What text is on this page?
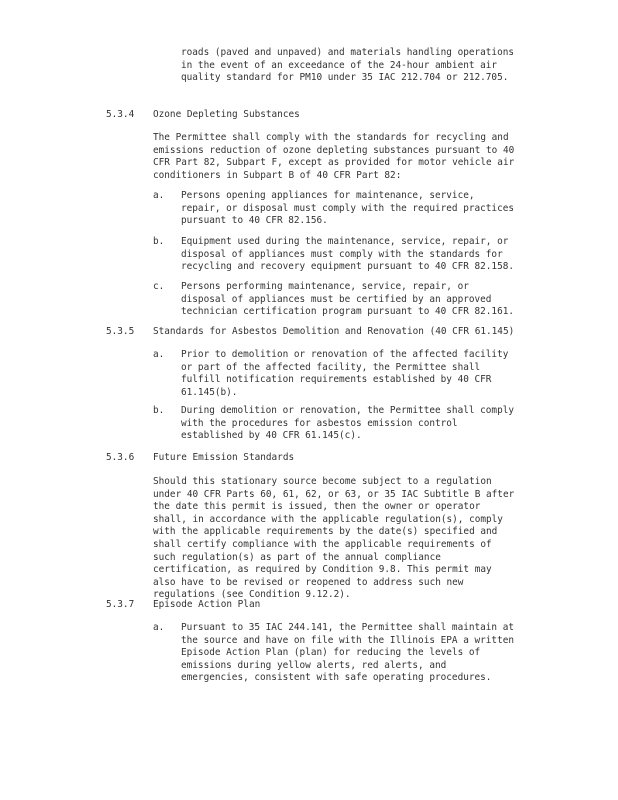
roads (paved and unpaved) and materials handling operations
in the event of an exceedance of the 24-hour ambient air
quality standard for PM10 under 35 IAC 212.704 or 212.705.
5.3.4 Ozone Depleting Substances
The Permittee shall comply with the standards for recycling and
emissions reduction of ozone depleting substances pursuant to 40
CFR Part 82, Subpart F, except as provided for motor vehicle air
conditioners in Subpart B of 40 CFR Part 82:
a. Persons opening appliances for maintenance, service,
repair, or disposal must comply with the required practices
pursuant to 40 CFR 82.156.
b. Equipment used during the maintenance, service, repair, or
disposal of appliances must comply with the standards for
recycling and recovery equipment pursuant to 40 CFR 82.158.
c. Persons performing maintenance, service, repair, or
disposal of appliances must be certified by an approved
technician certification program pursuant to 40 CFR 82.161.
5.3.5 Standards for Asbestos Demolition and Renovation (40 CFR 61.145)
a. Prior to demolition or renovation of the affected facility
or part of the affected facility, the Permittee shall
fulfill notification requirements established by 40 CFR
61.145(b).
b. During demolition or renovation, the Permittee shall comply
with the procedures for asbestos emission control
established by 40 CFR 61.145(c).
5.3.6 Future Emission Standards
Should this stationary source become subject to a regulation
under 40 CFR Parts 60, 61, 62, or 63, or 35 IAC Subtitle B after
the date this permit is issued, then the owner or operator
shall, in accordance with the applicable regulation(s), comply
with the applicable requirements by the date(s) specified and
shall certify compliance with the applicable requirements of
such regulation(s) as part of the annual compliance
certification, as required by Condition 9.8. This permit may
also have to be revised or reopened to address such new
regulations (see Condition 9.12.2).
5.3.7 Episode Action Plan
a. Pursuant to 35 IAC 244.141, the Permittee shall maintain at
the source and have on file with the Illinois EPA a written
Episode Action Plan (plan) for reducing the levels of
emissions during yellow alerts, red alerts, and
emergencies, consistent with safe operating procedures.
